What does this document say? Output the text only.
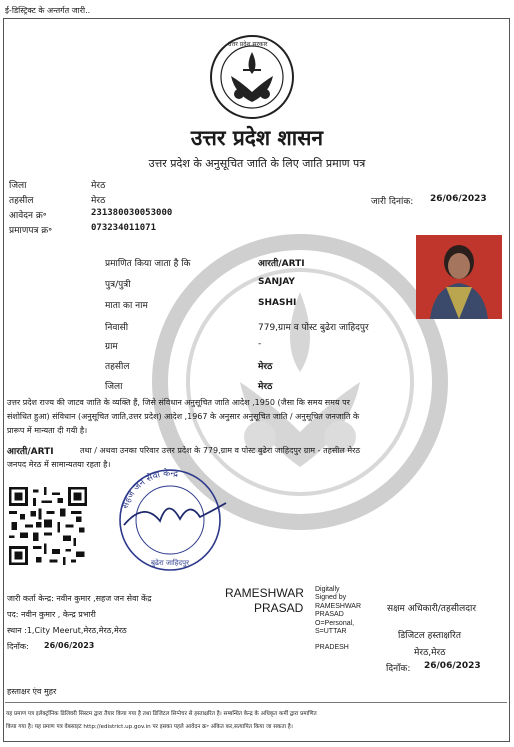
ई-डिस्ट्रिक्ट के अन्तर्गत जारी..
उत्तर प्रदेश सरकार
उत्तर प्रदेश शासन
उत्तर प्रदेश के अनुसूचित जाति के लिए जाति प्रमाण पत्र
जिला	मेरठ
तहसील	मेरठ
आवेदन क्र॰	231380030053000
प्रमाणपत्र क्र॰	073234011071
जारी दिनांक: 26/06/2023
प्रमाणित किया जाता है कि	आरती/ARTI
पुत्र/पुत्री	SANJAY
माता का नाम	SHASHI
निवासी	779,ग्राम व पोस्ट बुढेरा जाहिदपुर
ग्राम	-
तहसील	मेरठ
जिला	मेरठ
उत्तर प्रदेश राज्य की जाटव जाति के व्यक्ति हैं, जिसे संविधान अनुसूचित जाति आदेश ,1950 (जैसा कि समय समय पर
संशोधित हुआ) संविधान (अनुसूचित जाति,उत्तर प्रदेश) आदेश ,1967 के अनुसार अनुसूचित जाति / अनुसूचित जनजाति के
प्रारूप में मान्यता दी गयी है।
आरती/ARTI	तथा / अथवा उनका परिवार उत्तर प्रदेश के 779,ग्राम व पोस्ट बुढेरा जाहिदपुर ग्राम - तहसील मेरठ
जनपद मेरठ में सामान्यतया रहता है।
सहज जन सेवा केन्द्र
बुढेरा जाहिदपुर
जारी कर्ता केन्द्र: नवीन कुमार ,सहज जन सेवा केंद्र
पद: नवीन कुमार , केन्द्र प्रभारी
स्थान :1,City Meerut,मेरठ,मेरठ,मेरठ
दिनाँक: 26/06/2023
हस्ताक्षर एंव मुहर
RAMESHWAR
PRASAD
Digitally
Signed by
RAMESHWAR
PRASAD
O=Personal,
S=UTTAR
PRADESH
सक्षम अधिकारी/तहसीलदार
डिजिटल हस्ताक्षरित
मेरठ,मेरठ
दिनाँक: 26/06/2023
यह प्रमाण पत्र इलेक्ट्रॉनिक डिलिवरी सिस्टम द्वारा तैयार किया गया है तथा डिजिटल सिग्नेचर से हस्ताक्षरित है। सम्बन्धित केन्द्र के अधिकृत कर्मी द्वारा प्रमाणित
किया गया है। यह प्रमाण पत्र वेबसाइट http://edistrict.up.gov.in पर इसका पहले आवेदन क्र॰ अंकित कर,सत्यापित किया जा सकता है।
